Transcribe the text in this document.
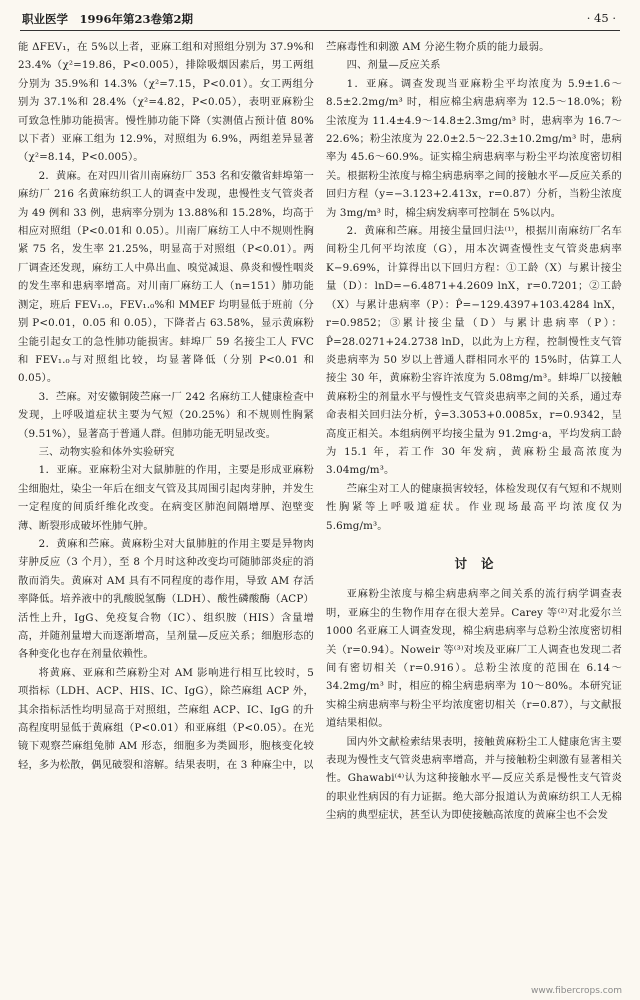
职业医学　1996年第23卷第2期	· 45 ·

能 ΔFEV₁，在 5%以上者，亚麻工组和对照组分别为 37.9%和 23.4%（χ²=19.86，P<0.005），排除吸烟因素后，男工两组分别为 35.9%和 14.3%（χ²=7.15，P<0.01）。女工两组分别为 37.1%和 28.4%（χ²=4.82，P<0.05），表明亚麻粉尘可致急性肺功能损害。慢性肺功能下降（实测值占预计值 80%以下者）亚麻工组为 12.9%，对照组为 6.9%，两组差异显著（χ²=8.14，P<0.005）。

2．黄麻。在对四川省川南麻纺厂 353 名和安徽省蚌埠第一麻纺厂 216 名黄麻纺织工人的调查中发现，患慢性支气管炎者为 49 例和 33 例，患病率分别为 13.88%和 15.28%，均高于相应对照组（P<0.01和 0.05）。川南厂麻纺工人中不规则性胸紧 75 名，发生率 21.25%，明显高于对照组（P<0.01）。两厂调查还发现，麻纺工人中鼻出血、嗅觉减退、鼻炎和慢性咽炎的发生率和患病率增高。对川南厂麻纺工人（n=151）肺功能测定，班后 FEV₁.₀，FEV₁.₀%和 MMEF 均明显低于班前（分别 P<0.01，0.05 和 0.05），下降者占 63.58%，显示黄麻粉尘能引起女工的急性肺功能损害。蚌埠厂 59 名接尘工人 FVC 和 FEV₁.₀与对照组比较，均显著降低（分别 P<0.01 和 0.05）。

3．苎麻。对安徽铜陵苎麻一厂 242 名麻纺工人健康检查中发现，上呼吸道症状主要为气短（20.25%）和不规则性胸紧（9.51%），显著高于普通人群。但肺功能无明显改变。

三、动物实验和体外实验研究

1．亚麻。亚麻粉尘对大鼠肺脏的作用，主要是形成亚麻粉尘细胞灶，染尘一年后在细支气管及其周围引起肉芽肿，并发生一定程度的间质纤维化改变。在病变区肺泡间隔增厚、泡壁变薄、断裂形成破坏性肺气肿。

2．黄麻和苎麻。黄麻粉尘对大鼠肺脏的作用主要是异物肉芽肿反应（3 个月），至 8 个月时这种改变均可随肺部炎症的消散而消失。黄麻对 AM 具有不同程度的毒作用，导致 AM 存活率降低。培养液中的乳酸脱氢酶（LDH）、酸性磷酸酶（ACP）活性上升，IgG、免疫复合物（IC）、组织胺（HIS）含量增高，并随剂量增大而逐渐增高，呈剂量—反应关系；细胞形态的各种变化也存在剂量依赖性。

将黄麻、亚麻和苎麻粉尘对 AM 影响进行相互比较时，5 项指标（LDH、ACP、HIS、IC、IgG），除苎麻组 ACP 外，其余指标活性均明显高于对照组，苎麻组 ACP、IC、IgG 的升高程度明显低于黄麻组（P<0.01）和亚麻组（P<0.05）。在光镜下观察苎麻组兔肺 AM 形态，细胞多为类圆形，胞核变化较轻，多为松散，偶见破裂和溶解。结果表明，在 3 种麻尘中，以

苎麻毒性和刺激 AM 分泌生物介质的能力最弱。

四、剂量—反应关系

1．亚麻。调查发现当亚麻粉尘平均浓度为 5.9±1.6～8.5±2.2mg/m³ 时，相应棉尘病患病率为 12.5～18.0%；粉尘浓度为 11.4±4.9～14.8±2.3mg/m³ 时，患病率为 16.7～22.6%；粉尘浓度为 22.0±2.5～22.3±10.2mg/m³ 时，患病率为 45.6～60.9%。证实棉尘病患病率与粉尘平均浓度密切相关。根据粉尘浓度与棉尘病患病率之间的接触水平—反应关系的回归方程（y=−3.123+2.413x，r=0.87）分析，当粉尘浓度为 3mg/m³ 时，棉尘病发病率可控制在 5%以内。

2．黄麻和苎麻。用接尘量回归法⁽¹⁾，根据川南麻纺厂名车间粉尘几何平均浓度（G），用本次调查慢性支气管炎患病率 K−9.69%，计算得出以下回归方程：①工龄（X）与累计接尘量（D）：lnD=−6.4871+4.2609 lnX，r=0.7201；②工龄（X）与累计患病率（P）：P̂=−129.4397+103.4284 lnX，r=0.9852；③累计接尘量（D）与累计患病率（P）：P̂=28.0271+24.2738 lnD，以此为上方程，控制慢性支气管炎患病率为 50 岁以上普通人群相同水平的 15%时，估算工人接尘 30 年，黄麻粉尘容许浓度为 5.08mg/m³。蚌埠厂以接触黄麻粉尘的剂量水平与慢性支气管炎患病率之间的关系，通过寿命表相关回归法分析，ŷ=3.3053+0.0085x，r=0.9342，呈高度正相关。本组病例平均接尘量为 91.2mg·a，平均发病工龄为 15.1 年，若工作 30 年发病，黄麻粉尘最高浓度为 3.04mg/m³。

苎麻尘对工人的健康损害较轻，体检发现仅有气短和不规则性胸紧等上呼吸道症状。作业现场最高平均浓度仅为 5.6mg/m³。

讨论

亚麻粉尘浓度与棉尘病患病率之间关系的流行病学调查表明，亚麻尘的生物作用存在很大差异。Carey 等⁽²⁾对北爱尔兰 1000 名亚麻工人调查发现，棉尘病患病率与总粉尘浓度密切相关（r=0.94）。Noweir 等⁽³⁾对埃及亚麻厂工人调查也发现二者间有密切相关（r=0.916）。总粉尘浓度的范围在 6.14～34.2mg/m³ 时，相应的棉尘病患病率为 10～80%。本研究证实棉尘病患病率与粉尘平均浓度密切相关（r=0.87），与文献报道结果相似。

国内外文献检索结果表明，接触黄麻粉尘工人健康危害主要表现为慢性支气管炎患病率增高，并与接触粉尘刺激有显著相关性。Ghawabi⁽⁴⁾认为这种接触水平—反应关系是慢性支气管炎的职业性病因的有力证据。绝大部分报道认为黄麻纺织工人无棉尘病的典型症状，甚至认为即使接触高浓度的黄麻尘也不会发

www.fibercrops.com
